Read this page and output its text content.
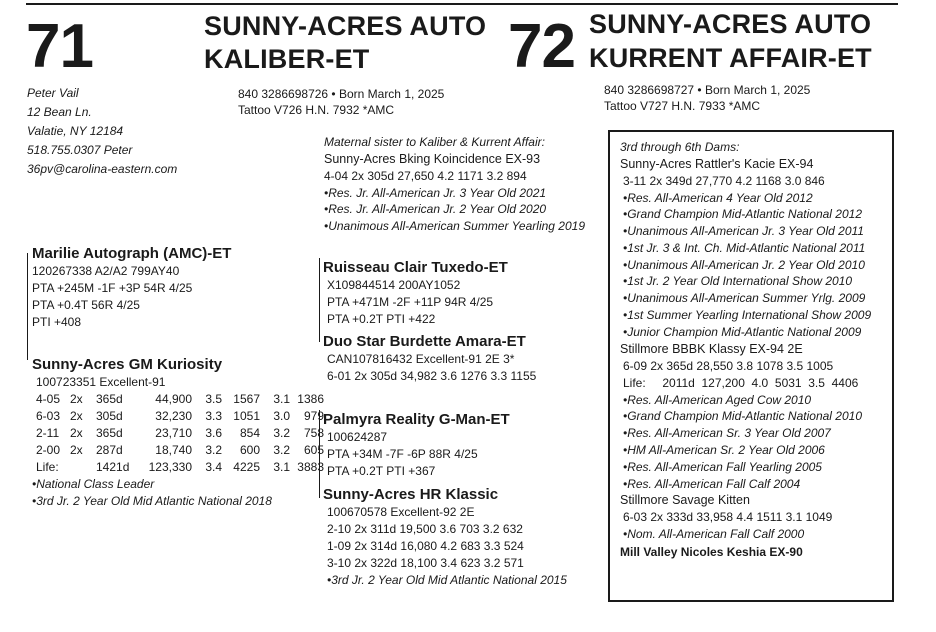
71	SUNNY-ACRES AUTO
KALIBER-ET
840 3286698726 • Born March 1, 2025
Tattoo V726 H.N. 7932 *AMC
72 SUNNY-ACRES AUTO
KURRENT AFFAIR-ET
840 3286698727 • Born March 1, 2025
Tattoo V727 H.N. 7933 *AMC
Peter Vail
12 Bean Ln.
Valatie, NY 12184
518.755.0307 Peter
36pv@carolina-eastern.com
Maternal sister to Kaliber & Kurrent Affair:
Sunny-Acres Bking Koincidence EX-93
4-04 2x 305d 27,650 4.2 1171 3.2 894
•Res. Jr. All-American Jr. 3 Year Old 2021
•Res. Jr. All-American Jr. 2 Year Old 2020
•Unanimous All-American Summer Yearling 2019
Marilie Autograph (AMC)-ET
120267338 A2/A2 799AY40
PTA +245M -1F +3P 54R 4/25
PTA +0.4T 56R 4/25
PTI +408
Sunny-Acres GM Kuriosity
100723351 Excellent-91
4-05 2x	365d	44,900	3.5 1567	3.1 1386
6-03 2x	305d	32,230	3.3 1051	3.0	979
2-11 2x	365d	23,710	3.6	854	3.2	758
2-00 2x	287d	18,740	3.2	600	3.2	605
Life:	1421d	123,330	3.4 4225	3.1 3883
•National Class Leader
•3rd Jr. 2 Year Old Mid Atlantic National 2018
Ruisseau Clair Tuxedo-ET
X109844514 200AY1052
PTA +471M -2F +11P 94R 4/25
PTA +0.2T PTI +422
Duo Star Burdette Amara-ET
CAN107816432 Excellent-91 2E 3*
6-01 2x 305d 34,982 3.6 1276 3.3 1155
Palmyra Reality G-Man-ET
100624287
PTA +34M -7F -6P 88R 4/25
PTA +0.2T PTI +367
Sunny-Acres HR Klassic
100670578 Excellent-92 2E
2-10 2x 311d 19,500 3.6 703 3.2 632
1-09 2x 314d 16,080 4.2 683 3.3 524
3-10 2x 322d 18,100 3.4 623 3.2 571
•3rd Jr. 2 Year Old Mid Atlantic National 2015
3rd through 6th Dams:
Sunny-Acres Rattler's Kacie EX-94
3-11 2x 349d 27,770 4.2 1168 3.0 846
•Res. All-American 4 Year Old 2012
•Grand Champion Mid-Atlantic National 2012
•Unanimous All-American Jr. 3 Year Old 2011
•1st Jr. 3 & Int. Ch. Mid-Atlantic National 2011
•Unanimous All-American Jr. 2 Year Old 2010
•1st Jr. 2 Year Old International Show 2010
•Unanimous All-American Summer Yrlg. 2009
•1st Summer Yearling International Show 2009
•Junior Champion Mid-Atlantic National 2009
Stillmore BBBK Klassy EX-94 2E
6-09 2x 365d 28,550 3.8 1078 3.5 1005
Life:     2011d  127,200  4.0  5031  3.5  4406
•Res. All-American Aged Cow 2010
•Grand Champion Mid-Atlantic National 2010
•Res. All-American Sr. 3 Year Old 2007
•HM All-American Sr. 2 Year Old 2006
•Res. All-American Fall Yearling 2005
•Res. All-American Fall Calf 2004
Stillmore Savage Kitten
6-03 2x 333d 33,958 4.4 1511 3.1 1049
•Nom. All-American Fall Calf 2000
Mill Valley Nicoles Keshia EX-90
